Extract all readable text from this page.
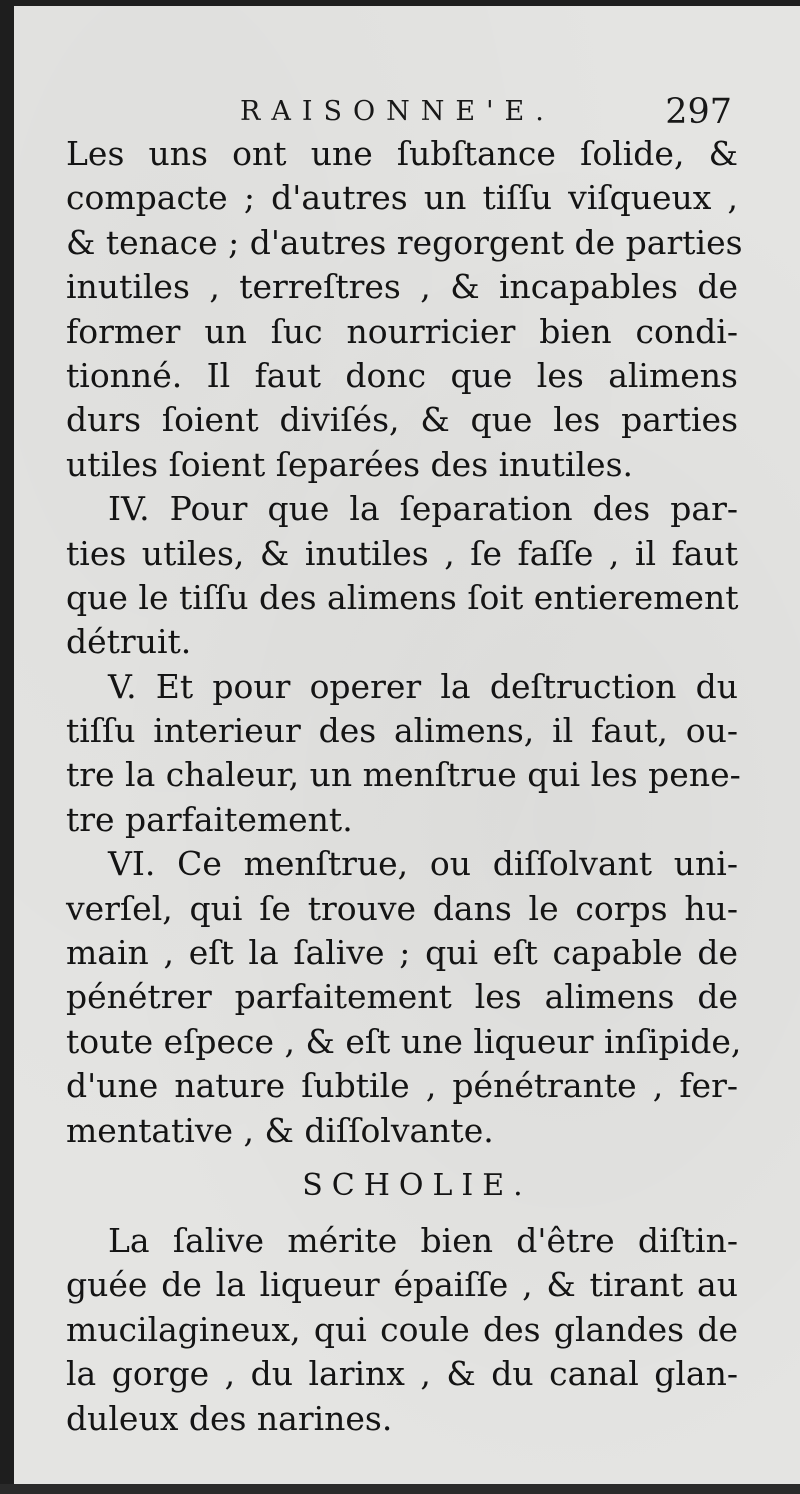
RAISONNE'E.	297
Les uns ont une ſubſtance ſolide, &
compacte ; d'autres un tiſſu viſqueux ,
& tenace ; d'autres regorgent de parties
inutiles , terreſtres , & incapables de
former un ſuc nourricier bien condi-
tionné. Il faut donc que les alimens
durs ſoient diviſés, & que les parties
utiles ſoient ſeparées des inutiles.
IV. Pour que la ſeparation des par-
ties utiles, & inutiles , ſe faſſe , il faut
que le tiſſu des alimens ſoit entierement
détruit.
V. Et pour operer la deſtruction du
tiſſu interieur des alimens, il faut, ou-
tre la chaleur, un menſtrue qui les pene-
tre parfaitement.
VI. Ce menſtrue, ou diſſolvant uni-
verſel, qui ſe trouve dans le corps hu-
main , eſt la ſalive ; qui eſt capable de
pénétrer parfaitement les alimens de
toute eſpece , & eſt une liqueur inſipide,
d'une nature ſubtile , pénétrante , fer-
mentative , & diſſolvante.
SCHOLIE.
La ſalive mérite bien d'être diſtin-
guée de la liqueur épaiſſe , & tirant au
mucilagineux, qui coule des glandes de
la gorge , du larinx , & du canal glan-
duleux des narines.
